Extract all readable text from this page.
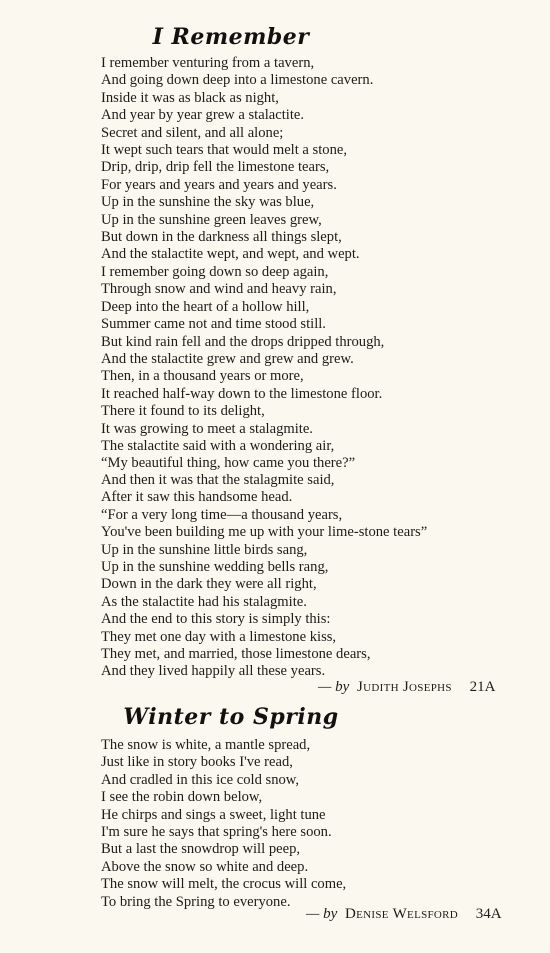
I Remember
I remember venturing from a tavern,
And going down deep into a limestone cavern.
Inside it was as black as night,
And year by year grew a stalactite.
Secret and silent, and all alone;
It wept such tears that would melt a stone,
Drip, drip, drip fell the limestone tears,
For years and years and years and years.
Up in the sunshine the sky was blue,
Up in the sunshine green leaves grew,
But down in the darkness all things slept,
And the stalactite wept, and wept, and wept.
I remember going down so deep again,
Through snow and wind and heavy rain,
Deep into the heart of a hollow hill,
Summer came not and time stood still.
But kind rain fell and the drops dripped through,
And the stalactite grew and grew and grew.
Then, in a thousand years or more,
It reached half-way down to the limestone floor.
There it found to its delight,
It was growing to meet a stalagmite.
The stalactite said with a wondering air,
“My beautiful thing, how came you there?”
And then it was that the stalagmite said,
After it saw this handsome head.
“For a very long time—a thousand years,
You've been building me up with your lime-stone tears”
Up in the sunshine little birds sang,
Up in the sunshine wedding bells rang,
Down in the dark they were all right,
As the stalactite had his stalagmite.
And the end to this story is simply this:
They met one day with a limestone kiss,
They met, and married, those limestone dears,
And they lived happily all these years.
— by Judith Josephs 21A
Winter to Spring
The snow is white, a mantle spread,
Just like in story books I've read,
And cradled in this ice cold snow,
I see the robin down below,
He chirps and sings a sweet, light tune
I'm sure he says that spring's here soon.
But a last the snowdrop will peep,
Above the snow so white and deep.
The snow will melt, the crocus will come,
To bring the Spring to everyone.
— by Denise Welsford 34A
